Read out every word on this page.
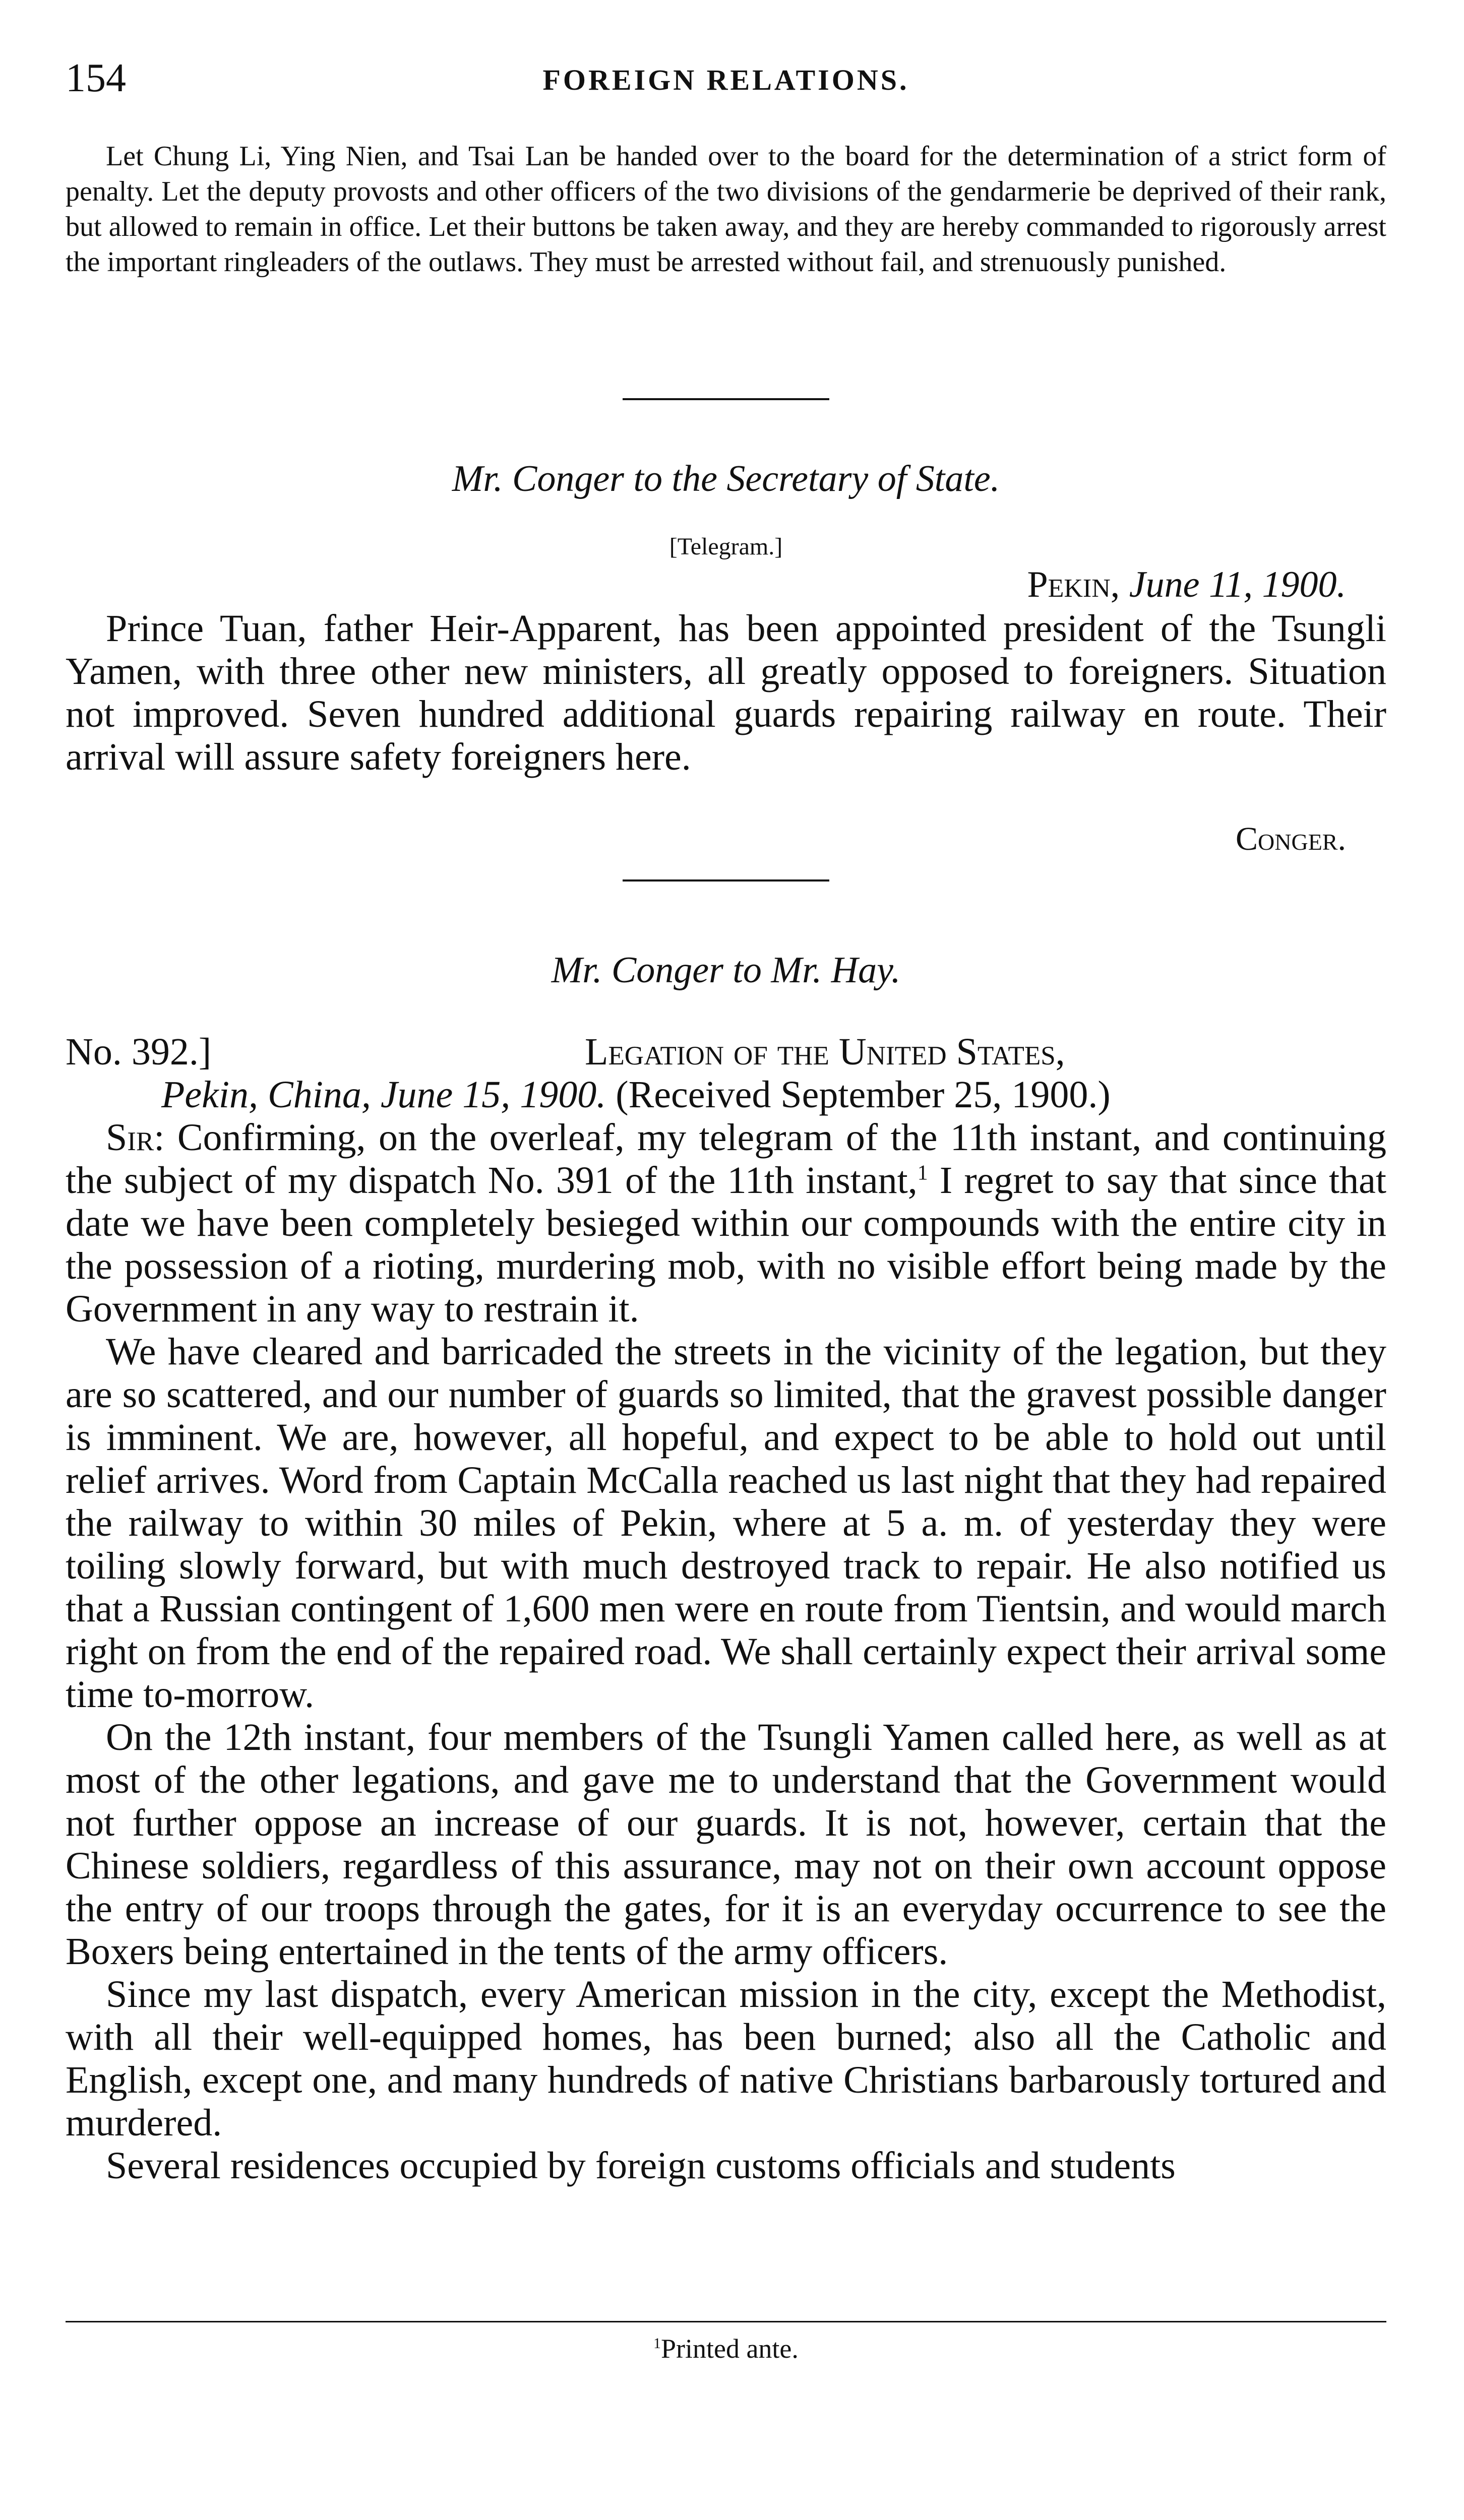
154	FOREIGN RELATIONS.

Let Chung Li, Ying Nien, and Tsai Lan be handed over to the board for the determination of a strict form of penalty. Let the deputy provosts and other officers of the two divisions of the gendarmerie be deprived of their rank, but allowed to remain in office. Let their buttons be taken away, and they are hereby commanded to rigorously arrest the important ringleaders of the outlaws. They must be arrested without fail, and strenuously punished.

Mr. Conger to the Secretary of State.
[Telegram.]
Pekin, June 11, 1900.

Prince Tuan, father Heir-Apparent, has been appointed president of the Tsungli Yamen, with three other new ministers, all greatly opposed to foreigners. Situation not improved. Seven hundred additional guards repairing railway en route. Their arrival will assure safety foreigners here.

Conger.
Mr. Conger to Mr. Hay.
No. 392.]	Legation of the United States,
Pekin, China, June 15, 1900. (Received September 25, 1900.)

Sir: Confirming, on the overleaf, my telegram of the 11th instant, and continuing the subject of my dispatch No. 391 of the 11th instant,$^1$ I regret to say that since that date we have been completely besieged within our compounds with the entire city in the possession of a rioting, murdering mob, with no visible effort being made by the Government in any way to restrain it.

We have cleared and barricaded the streets in the vicinity of the legation, but they are so scattered, and our number of guards so limited, that the gravest possible danger is imminent. We are, however, all hopeful, and expect to be able to hold out until relief arrives. Word from Captain McCalla reached us last night that they had repaired the railway to within 30 miles of Pekin, where at 5 a. m. of yesterday they were toiling slowly forward, but with much destroyed track to repair. He also notified us that a Russian contingent of 1,600 men were en route from Tientsin, and would march right on from the end of the repaired road. We shall certainly expect their arrival some time to-morrow.

On the 12th instant, four members of the Tsungli Yamen called here, as well as at most of the other legations, and gave me to understand that the Government would not further oppose an increase of our guards. It is not, however, certain that the Chinese soldiers, regardless of this assurance, may not on their own account oppose the entry of our troops through the gates, for it is an everyday occurrence to see the Boxers being entertained in the tents of the army officers.

Since my last dispatch, every American mission in the city, except the Methodist, with all their well-equipped homes, has been burned; also all the Catholic and English, except one, and many hundreds of native Christians barbarously tortured and murdered.

Several residences occupied by foreign customs officials and students

$^1$Printed ante.
